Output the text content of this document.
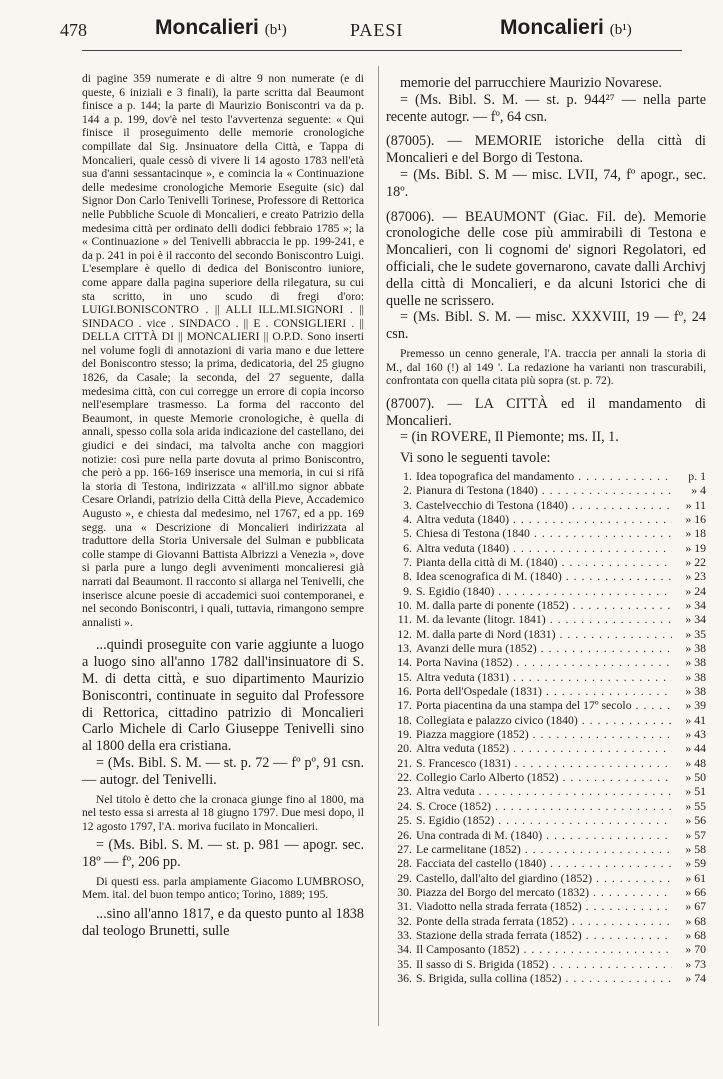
478	Moncalieri (b¹)	PAESI	Moncalieri (b¹)

di pagine 359 numerate e di altre 9 non numerate (e di queste, 6 iniziali e 3 finali), la parte scritta dal Beaumont finisce a p. 144; la parte di Maurizio Boniscontri va da p. 144 a p. 199, dov'è nel testo l'avvertenza seguente: « Qui finisce il proseguimento delle memorie cronologiche compillate dal Sig. Jnsinuatore della Città, e Tappa di Moncalieri, quale cessò di vivere li 14 agosto 1783 nell'età sua d'anni sessantacinque », e comincia la « Continuazione delle medesime cronologiche Memorie Eseguite (sic) dal Signor Don Carlo Tenivelli Torinese, Professore di Rettorica nelle Pubbliche Scuole di Moncalieri, e creato Patrizio della medesima città per ordinato delli dodici febbraio 1785 »; la « Continuazione » del Tenivelli abbraccia le pp. 199-241, e da p. 241 in poi è il racconto del secondo Boniscontro Luigi. L'esemplare è quello di dedica del Boniscontro iuniore, come appare dalla pagina superiore della rilegatura, su cui sta scritto, in uno scudo di fregi d'oro: LUIGI.BONISCONTRO . || ALLI ILL.MI.SIGNORI . || SINDACO . vice . SINDACO . || E . CONSIGLIERI . || DELLA CITTÀ DI || MONCALIERI || O.P.D. Sono inserti nel volume fogli di annotazioni di varia mano e due lettere del Boniscontro stesso; la prima, dedicatoria, del 25 giugno 1826, da Casale; la seconda, del 27 seguente, dalla medesima città, con cui corregge un errore di copia incorso nell'esemplare trasmesso. La forma del racconto del Beaumont, in queste Memorie cronologiche, è quella di annali, spesso colla sola arida indicazione del castellano, dei giudici e dei sindaci, ma talvolta anche con maggiori notizie: così pure nella parte dovuta al primo Boniscontro, che però a pp. 166-169 inserisce una memoria, in cui si rifà la storia di Testona, indirizzata « all'ill.mo signor abbate Cesare Orlandi, patrizio della Città della Pieve, Accademico Augusto », e chiesta dal medesimo, nel 1767, ed a pp. 169 segg. una « Descrizione di Moncalieri indirizzata al traduttore della Storia Universale del Sulman e pubblicata colle stampe di Giovanni Battista Albrizzi a Venezia », dove si parla pure a lungo degli avvenimenti moncalieresi già narrati dal Beaumont. Il racconto si allarga nel Tenivelli, che inserisce alcune poesie di accademici suoi contemporanei, e nel secondo Boniscontri, i quali, tuttavia, rimangono sempre annalisti ».

...quindi proseguite con varie aggiunte a luogo a luogo sino all'anno 1782 dall'insinuatore di S. M. di detta città, e suo dipartimento Maurizio Boniscontri, continuate in seguito dal Professore di Rettorica, cittadino patrizio di Moncalieri Carlo Michele di Carlo Giuseppe Tenivelli sino al 1800 della era cristiana.

= (Ms. Bibl. S. M. — st. p. 72 — fº pº, 91 csn. — autogr. del Tenivelli.

Nel titolo è detto che la cronaca giunge fino al 1800, ma nel testo essa si arresta al 18 giugno 1797. Due mesi dopo, il 12 agosto 1797, l'A. moriva fucilato in Moncalieri.

= (Ms. Bibl. S. M. — st. p. 981 — apogr. sec. 18º — fº, 206 pp.

Di questi ess. parla ampiamente Giacomo LUMBROSO, Mem. ital. del buon tempo antico; Torino, 1889; 195.

...sino all'anno 1817, e da questo punto al 1838 dal teologo Brunetti, sulle

memorie del parrucchiere Maurizio Novarese.

= (Ms. Bibl. S. M. — st. p. 944²⁷ — nella parte recente autogr. — fº, 64 csn.

(87005). — MEMORIE istoriche della città di Moncalieri e del Borgo di Testona.

= (Ms. Bibl. S. M — misc. LVII, 74, fº apogr., sec. 18º.

(87006). — BEAUMONT (Giac. Fil. de). Memorie cronologiche delle cose più ammirabili di Testona e Moncalieri, con li cognomi de' signori Regolatori, ed officiali, che le sudete governarono, cavate dalli Archivj della città di Moncalieri, e da alcuni Istorici che di quelle ne scrissero.

= (Ms. Bibl. S. M. — misc. XXXVIII, 19 — fº, 24 csn.

Premesso un cenno generale, l'A. traccia per annali la storia di M., dal 160 (!) al 149 '. La redazione ha varianti non trascurabili, confrontata con quella citata più sopra (st. p. 72).

(87007). — LA CITTÀ ed il mandamento di Moncalieri.

= (in ROVERE, Il Piemonte; ms. II, 1.

Vi sono le seguenti tavole:

1. Idea topografica del mandamento . . .	p. 1
2. Pianura di Testona (1840) . . .	» 4
3. Castelvecchio di Testona (1840) . . .	» 11
4. Altra veduta (1840) . . .	» 16
5. Chiesa di Testona (1840 . . .	» 18
6. Altra veduta (1840) . . .	» 19
7. Pianta della città di M. (1840) . . .	» 22
8. Idea scenografica di M. (1840) . . .	» 23
9. S. Egidio (1840) . . .	» 24
10. M. dalla parte di ponente (1852) . . .	» 34
11. M. da levante (litogr. 1841) . . .	» 34
12. M. dalla parte di Nord (1831) . . .	» 35
13. Avanzi delle mura (1852) . . .	» 38
14. Porta Navina (1852) . . .	» 38
15. Altra veduta (1831) . . .	» 38
16. Porta dell'Ospedale (1831) . . .	» 38
17. Porta piacentina da una stampa del 17º secolo . . .	» 39
18. Collegiata e palazzo civico (1840) . . .	» 41
19. Piazza maggiore (1852) . . .	» 43
20. Altra veduta (1852) . . .	» 44
21. S. Francesco (1831) . . .	» 48
22. Collegio Carlo Alberto (1852) . . .	» 50
23. Altra veduta . . .	» 51
24. S. Croce (1852) . . .	» 55
25. S. Egidio (1852) . . .	» 56
26. Una contrada di M. (1840) . . .	» 57
27. Le carmelitane (1852) . . .	» 58
28. Facciata del castello (1840) . . .	» 59
29. Castello, dall'alto del giardino (1852) . . .	» 61
30. Piazza del Borgo del mercato (1832) . . .	» 66
31. Viadotto nella strada ferrata (1852) . . .	» 67
32. Ponte della strada ferrata (1852) . . .	» 68
33. Stazione della strada ferrata (1852) . . .	» 68
34. Il Camposanto (1852) . . .	» 70
35. Il sasso di S. Brigida (1852) . . .	» 73
36. S. Brigida, sulla collina (1852) . . .	» 74
